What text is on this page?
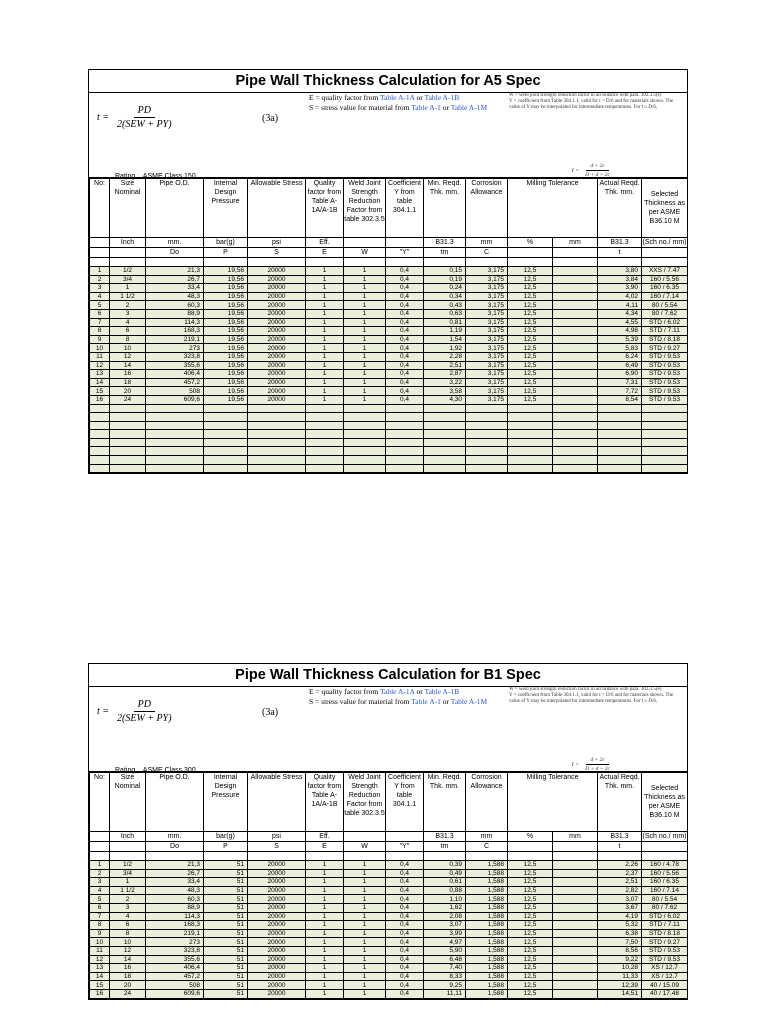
Pipe Wall Thickness Calculation for A5 Spec
$t = \frac{PD}{\text{2(SEW + PY)}}$	(3a)
E = quality factor from Table A-1A or Table A-1B
S = stress value for material from Table A-1 or Table A-1M
W = weld joint strength reduction factor in accordance with para. 302.3.5(e)
Y = coefficient from Table 304.1.1, valid for t < D/6 and for materials shown. The value of Y may be interpolated for intermediate temperatures. For t ≥ D/6,
$Y = \frac{d + 2c}{D + d + 2c}$
Rating ASME Class 150
No:	Size Nominal	Pipe O.D.	Internal Design Pressure	Allowable Stress	Quality factor from Table A-1A/A-1B	Weld Joint Strength Reduction Factor from table 302.3.5	Coefficient Y from table 304.1.1	Min. Reqd. Thk. mm.	Corrosion Allowance	Milling Tolerance		Actual Reqd. Thk. mm.	Selected Thickness as per ASME B36.10 M
	Inch	mm.	bar(g)	psi	Eff.			B31.3	mm	%	mm	B31.3	(Sch no./ mm)
		Do	P	S	E	W	"Y"	tm	C			t	

1	1/2	21,3	19,56	20000	1	1	0,4	0,15	3,175	12,5		3,80	XXS / 7.47
2	3/4	26,7	19,56	20000	1	1	0,4	0,19	3,175	12,5		3,84	160 / 5.56
3	1	33,4	19,56	20000	1	1	0,4	0,24	3,175	12,5		3,90	160 / 6.35
4	1 1/2	48,3	19,56	20000	1	1	0,4	0,34	3,175	12,5		4,02	160 / 7.14
5	2	60,3	19,56	20000	1	1	0,4	0,43	3,175	12,5		4,11	80 / 5.54
6	3	88,9	19,56	20000	1	1	0,4	0,63	3,175	12,5		4,34	80 / 7.62
7	4	114,3	19,56	20000	1	1	0,4	0,81	3,175	12,5		4,55	STD / 6.02
8	6	168,3	19,56	20000	1	1	0,4	1,19	3,175	12,5		4,98	STD / 7.11
9	8	219,1	19,56	20000	1	1	0,4	1,54	3,175	12,5		5,39	STD / 8.18
10	10	273	19,56	20000	1	1	0,4	1,92	3,175	12,5		5,83	STD / 9.27
11	12	323,8	19,56	20000	1	1	0,4	2,28	3,175	12,5		6,24	STD / 9.53
12	14	355,6	19,56	20000	1	1	0,4	2,51	3,175	12,5		6,49	STD / 9.53
13	16	406,4	19,56	20000	1	1	0,4	2,87	3,175	12,5		6,90	STD / 9.53
14	18	457,2	19,56	20000	1	1	0,4	3,22	3,175	12,5		7,31	STD / 9.53
15	20	508	19,56	20000	1	1	0,4	3,58	3,175	12,5		7,72	STD / 9.53
16	24	609,6	19,56	20000	1	1	0,4	4,30	3,175	12,5		8,54	STD / 9.53

Pipe Wall Thickness Calculation for B1 Spec
$t = \frac{PD}{\text{2(SEW + PY)}}$	(3a)
E = quality factor from Table A-1A or Table A-1B
S = stress value for material from Table A-1 or Table A-1M
W = weld joint strength reduction factor in accordance with para. 302.3.5(e)
Y = coefficient from Table 304.1.1, valid for t < D/6 and for materials shown. The value of Y may be interpolated for intermediate temperatures. For t ≥ D/6,
$Y = \frac{d + 2c}{D + d + 2c}$
Rating ASME Class 300
No:	Size Nominal	Pipe O.D.	Internal Design Pressure	Allowable Stress	Quality factor from Table A-1A/A-1B	Weld Joint Strength Reduction Factor from table 302.3.5	Coefficient Y from table 304.1.1	Min. Reqd. Thk. mm.	Corrosion Allowance	Milling Tolerance		Actual Reqd. Thk. mm.	Selected Thickness as per ASME B36.10 M
	Inch	mm.	bar(g)	psi	Eff.			B31.3	mm	%	mm	B31.3	(Sch no./ mm)
		Do	P	S	E	W	"Y"	tm	C			t	

1	1/2	21,3	51	20000	1	1	0,4	0,39	1,588	12,5		2,26	160 / 4.78
2	3/4	26,7	51	20000	1	1	0,4	0,49	1,588	12,5		2,37	160 / 5.56
3	1	33,4	51	20000	1	1	0,4	0,61	1,588	12,5		2,51	160 / 6.35
4	1 1/2	48,3	51	20000	1	1	0,4	0,88	1,588	12,5		2,82	160 / 7.14
5	2	60,3	51	20000	1	1	0,4	1,10	1,588	12,5		3,07	80 / 5.54
6	3	88,9	51	20000	1	1	0,4	1,62	1,588	12,5		3,67	80 / 7.62
7	4	114,3	51	20000	1	1	0,4	2,08	1,588	12,5		4,19	STD / 6.02
8	6	168,3	51	20000	1	1	0,4	3,07	1,588	12,5		5,32	STD / 7.11
9	8	219,1	51	20000	1	1	0,4	3,99	1,588	12,5		6,38	STD / 8.18
10	10	273	51	20000	1	1	0,4	4,97	1,588	12,5		7,50	STD / 9.27
11	12	323,8	51	20000	1	1	0,4	5,90	1,588	12,5		8,56	STD / 9.53
12	14	355,6	51	20000	1	1	0,4	6,48	1,588	12,5		9,22	STD / 9.53
13	16	406,4	51	20000	1	1	0,4	7,40	1,588	12,5		10,28	XS / 12.7
14	18	457,2	51	20000	1	1	0,4	8,33	1,588	12,5		11,33	XS / 12.7
15	20	508	51	20000	1	1	0,4	9,25	1,588	12,5		12,39	40 / 15.09
16	24	609,6	51	20000	1	1	0,4	11,11	1,588	12,5		14,51	40 / 17.48
